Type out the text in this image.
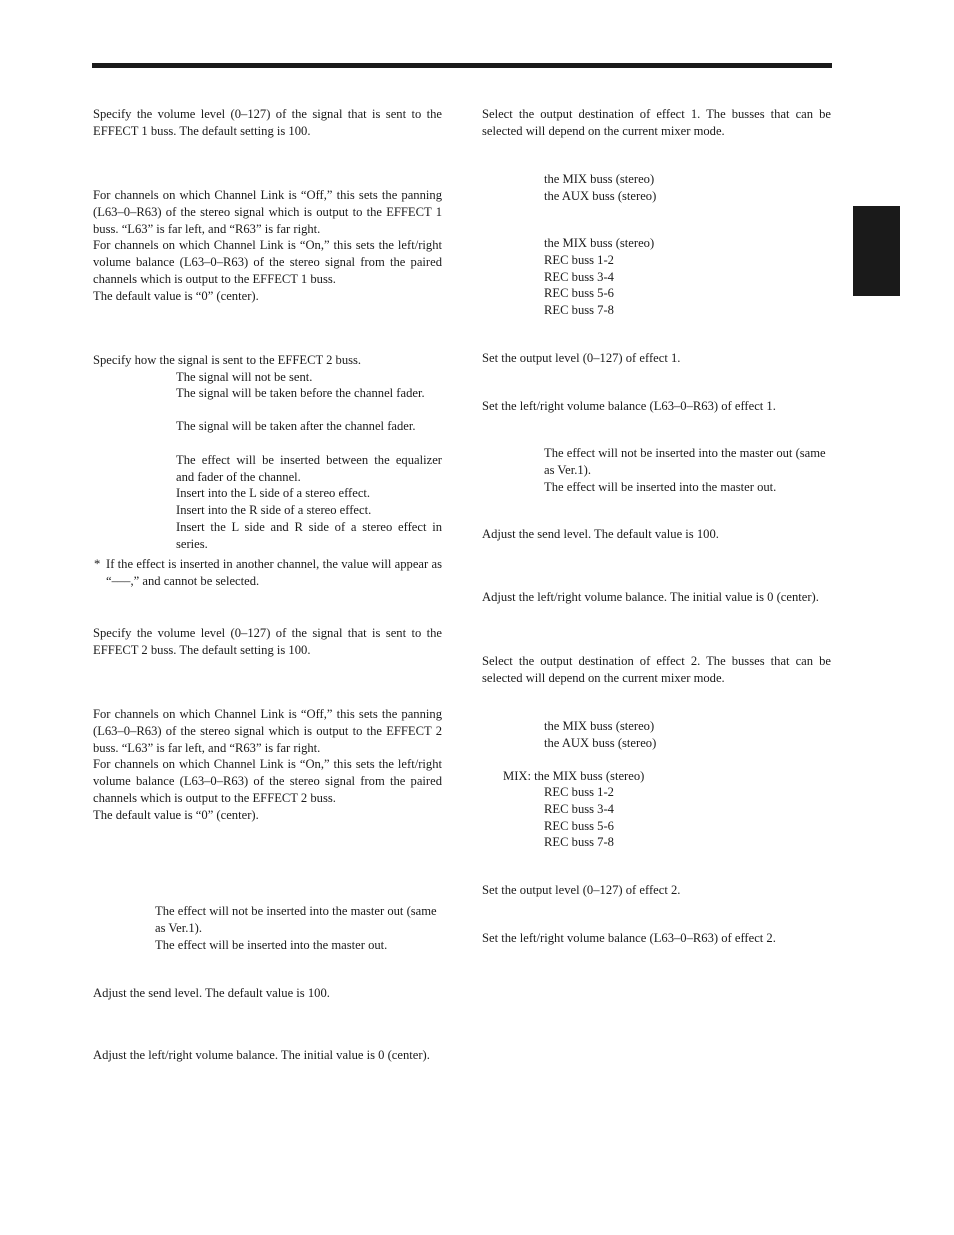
Specify the volume level (0–127) of the signal that is sent to the EFFECT 1 buss. The default setting is 100.

For channels on which Channel Link is “Off,” this sets the panning (L63–0–R63) of the stereo signal which is output to the EFFECT 1 buss. “L63” is far left, and “R63” is far right.
For channels on which Channel Link is “On,” this sets the left/right volume balance (L63–0–R63) of the stereo signal from the paired channels which is output to the EFFECT 1 buss.
The default value is “0” (center).

Specify how the signal is sent to the EFFECT 2 buss.

The signal will not be sent.

The signal will be taken before the channel fader.

The signal will be taken after the channel fader.

The effect will be inserted between the equalizer and fader of the channel.

Insert into the L side of a stereo effect.

Insert into the R side of a stereo effect.

Insert the L side and R side of a stereo effect in series.

* If the effect is inserted in another channel, the value will appear as “–––,” and cannot be selected.

Specify the volume level (0–127) of the signal that is sent to the EFFECT 2 buss. The default setting is 100.

For channels on which Channel Link is “Off,” this sets the panning (L63–0–R63) of the stereo signal which is output to the EFFECT 2 buss. “L63” is far left, and “R63” is far right.
For channels on which Channel Link is “On,” this sets the left/right volume balance (L63–0–R63) of the stereo signal from the paired channels which is output to the EFFECT 2 buss.
The default value is “0” (center).

The effect will not be inserted into the master out (same as Ver.1).

The effect will be inserted into the master out.

Adjust the send level. The default value is 100.

Adjust the left/right volume balance. The initial value is 0 (center).

Select the output destination of effect 1. The busses that can be selected will depend on the current mixer mode.

the MIX buss (stereo)
the AUX buss (stereo)
the MIX buss (stereo)
REC buss 1-2
REC buss 3-4
REC buss 5-6
REC buss 7-8

Set the output level (0–127) of effect 1.

Set the left/right volume balance (L63–0–R63) of effect 1.

The effect will not be inserted into the master out (same as Ver.1).

The effect will be inserted into the master out.

Adjust the send level. The default value is 100.

Adjust the left/right volume balance. The initial value is 0 (center).

Select the output destination of effect 2. The busses that can be selected will depend on the current mixer mode.

the MIX buss (stereo)
the AUX buss (stereo)

MIX: the MIX buss (stereo)

REC buss 1-2
REC buss 3-4
REC buss 5-6
REC buss 7-8

Set the output level (0–127) of effect 2.

Set the left/right volume balance (L63–0–R63) of effect 2.
